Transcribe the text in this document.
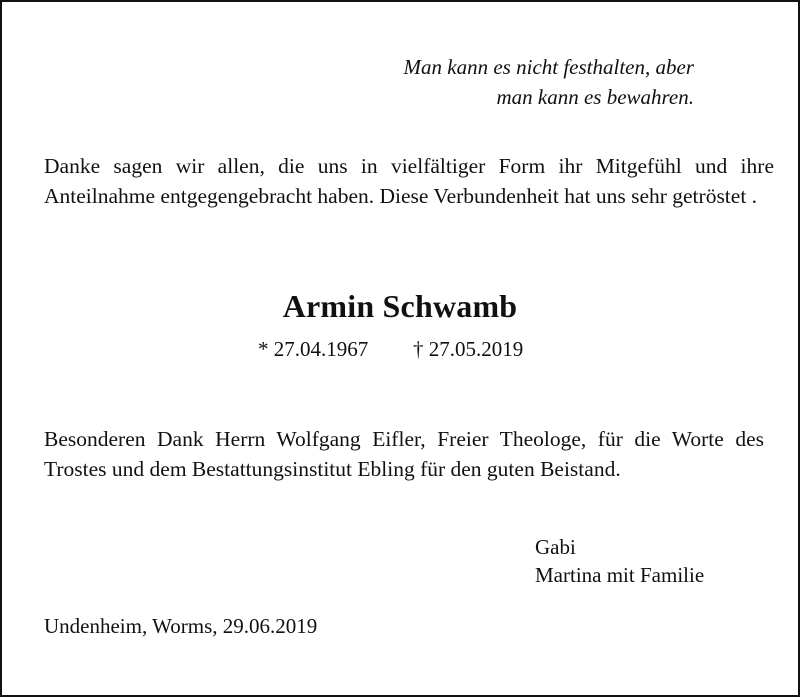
Man kann es nicht festhalten, aber

man kann es bewahren.
Danke sagen wir allen, die uns in vielfältiger Form ihr Mitgefühl und ihre Anteilnahme entgegengebracht haben. Diese Verbundenheit hat uns sehr getröstet .
Armin Schwamb
* 27.04.1967 † 27.05.2019
Besonderen Dank Herrn Wolfgang Eifler, Freier Theologe, für die Worte des Trostes und dem Bestattungsinstitut Ebling für den guten Beistand.
Gabi
Martina mit Familie
Undenheim, Worms, 29.06.2019
